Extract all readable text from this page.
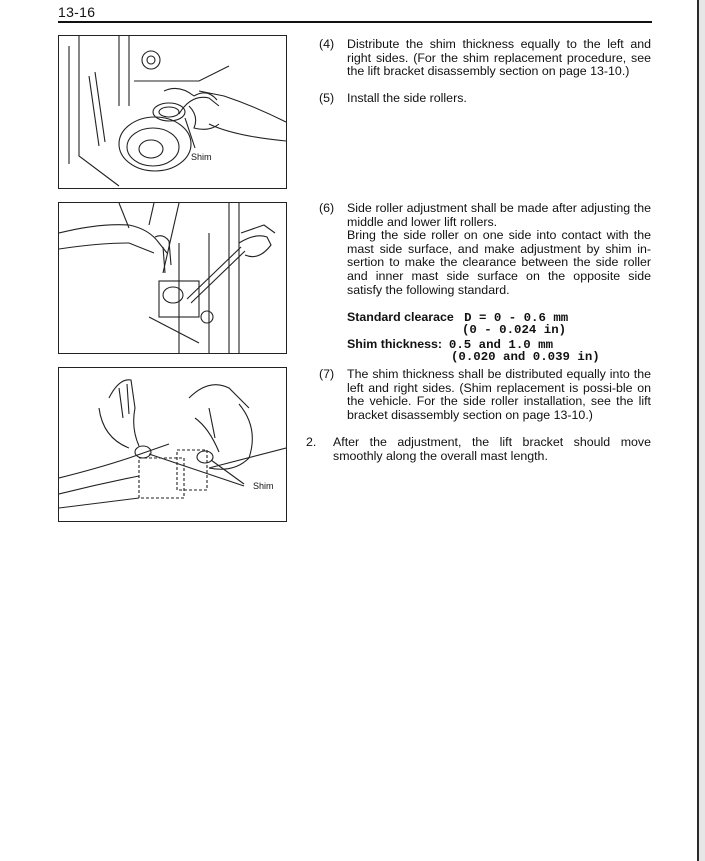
13-16
Shim
Shim
(4) Distribute the shim thickness equally to the left and right sides. (For the shim replacement procedure, see the lift bracket disassembly section on page 13-10.)

(5) Install the side rollers.

(6) Side roller adjustment shall be made after adjusting the middle and lower lift rollers.

Bring the side roller on one side into contact with the mast side surface, and make adjustment by shim in-sertion to make the clearance between the side roller and inner mast side surface on the opposite side satisfy the following standard.

Standard clearace D = 0 - 0.6 mm
(0 - 0.024 in)
Shim thickness: 0.5 and 1.0 mm
(0.020 and 0.039 in)
(7) The shim thickness shall be distributed equally into the left and right sides. (Shim replacement is possi-ble on the vehicle. For the side roller installation, see the lift bracket disassembly section on page 13-10.)

2. After the adjustment, the lift bracket should move smoothly along the overall mast length.
